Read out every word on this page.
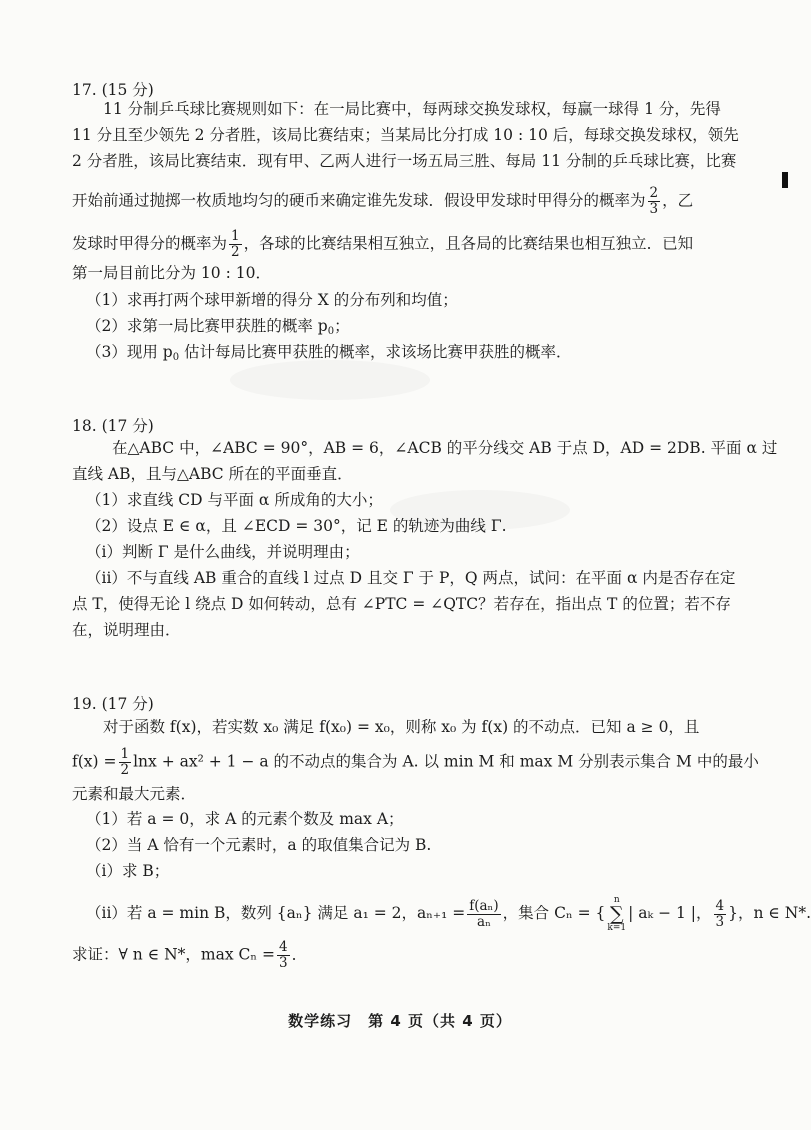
17. (15 分)
11 分制乒乓球比赛规则如下：在一局比赛中，每两球交换发球权，每赢一球得 1 分，先得
11 分且至少领先 2 分者胜，该局比赛结束；当某局比分打成 10 : 10 后，每球交换发球权，领先
2 分者胜，该局比赛结束．现有甲、乙两人进行一场五局三胜、每局 11 分制的乒乓球比赛，比赛
开始前通过抛掷一枚质地均匀的硬币来确定谁先发球．假设甲发球时甲得分的概率为 $\frac{2}{3}$ ，乙
发球时甲得分的概率为 $\frac{1}{2}$ ，各球的比赛结果相互独立，且各局的比赛结果也相互独立．已知
第一局目前比分为 10 : 10．
（1）求再打两个球甲新增的得分 X 的分布列和均值；
（2）求第一局比赛甲获胜的概率 $p_0$；
（3）现用 $p_0$ 估计每局比赛甲获胜的概率，求该场比赛甲获胜的概率．
18. (17 分)
在△ABC 中，∠ABC = 90°，AB = 6，∠ACB 的平分线交 AB 于点 D，AD = 2DB. 平面 α 过
直线 AB，且与△ABC 所在的平面垂直．
（1）求直线 CD 与平面 α 所成角的大小；
（2）设点 E ∈ α，且 ∠ECD = 30°，记 E 的轨迹为曲线 Γ.
（i）判断 Γ 是什么曲线，并说明理由；
（ii）不与直线 AB 重合的直线 l 过点 D 且交 Γ 于 P，Q 两点，试问：在平面 α 内是否存在定
点 T，使得无论 l 绕点 D 如何转动，总有 ∠PTC = ∠QTC？若存在，指出点 T 的位置；若不存
在，说明理由．
19. (17 分)
对于函数 f(x)，若实数 x₀ 满足 f(x₀) = x₀，则称 x₀ 为 f(x) 的不动点．已知 a ≥ 0，且
$f(x) = \frac{1}{2}$ lnx + ax² + 1 − a 的不动点的集合为 A. 以 min M 和 max M 分别表示集合 M 中的最小
元素和最大元素．
（1）若 a = 0，求 A 的元素个数及 max A；
（2）当 A 恰有一个元素时，a 的取值集合记为 B.
（i）求 B；
（ii）若 a = min B，数列 {aₙ} 满足 a₁ = 2，$a_{n+1} = \frac{\text{f(aₙ)}}{\text{aₙ}}$ ，集合 Cₙ = {n
∑
k=1| aₖ − 1 |， $\frac{4}{3}$ }，n ∈ N*.
求证：∀ n ∈ N*，$\max C_n = \frac{4}{3}$ ．
数学练习　第 4 页（共 4 页）
